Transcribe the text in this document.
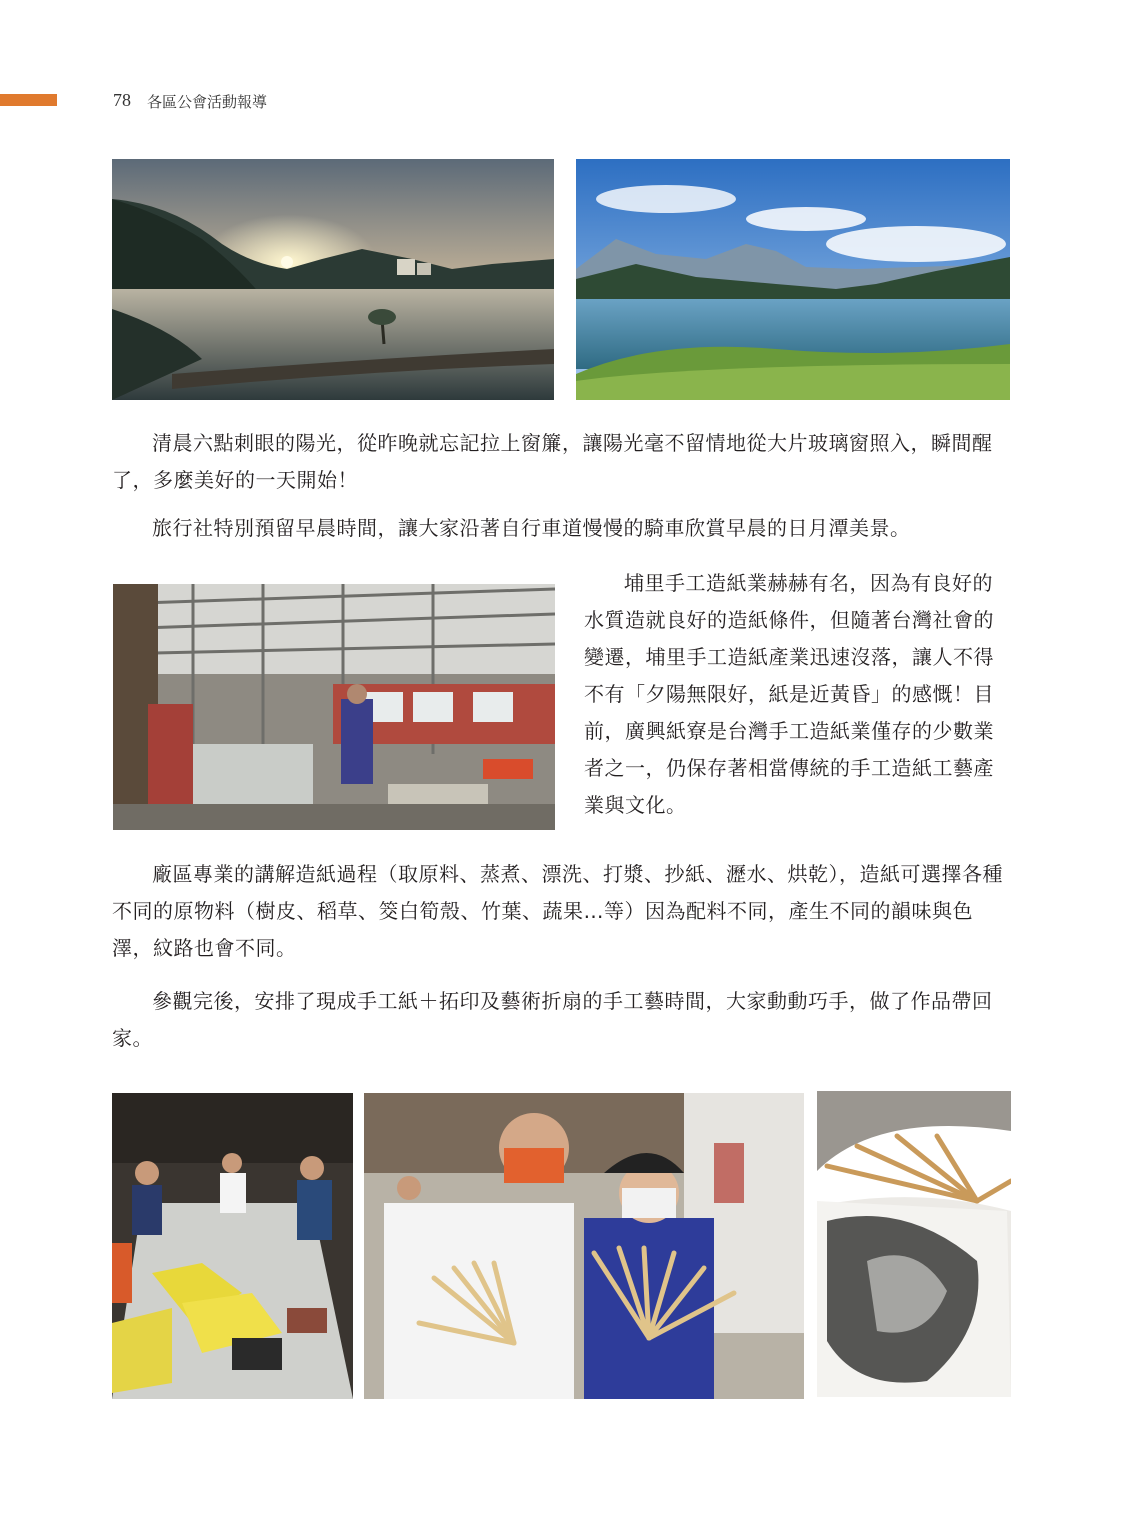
78 各區公會活動報導

清晨六點刺眼的陽光，從昨晚就忘記拉上窗簾，讓陽光毫不留情地從大片玻璃窗照入，瞬間醒了，多麼美好的一天開始！

旅行社特別預留早晨時間，讓大家沿著自行車道慢慢的騎車欣賞早晨的日月潭美景。

埔里手工造紙業赫赫有名，因為有良好的水質造就良好的造紙條件，但隨著台灣社會的變遷，埔里手工造紙產業迅速沒落，讓人不得不有「夕陽無限好，紙是近黃昏」的感慨！目前，廣興紙寮是台灣手工造紙業僅存的少數業者之一，仍保存著相當傳統的手工造紙工藝產業與文化。

廠區專業的講解造紙過程（取原料、蒸煮、漂洗、打漿、抄紙、瀝水、烘乾），造紙可選擇各種不同的原物料（樹皮、稻草、筊白筍殼、竹葉、蔬果…等）因為配料不同，產生不同的韻味與色澤，紋路也會不同。

參觀完後，安排了現成手工紙＋拓印及藝術折扇的手工藝時間，大家動動巧手，做了作品帶回家。
